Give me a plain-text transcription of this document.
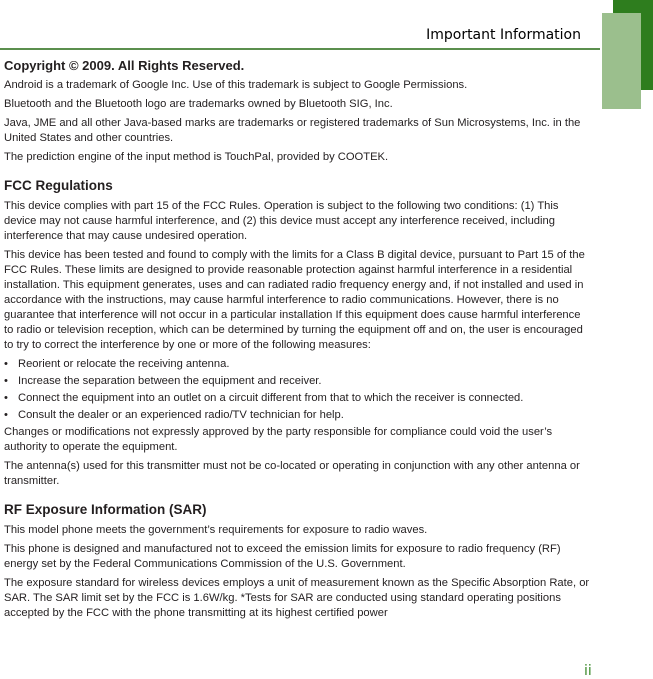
Important Information

Copyright © 2009. All Rights Reserved.

Android is a trademark of Google Inc. Use of this trademark is subject to Google Permissions.

Bluetooth and the Bluetooth logo are trademarks owned by Bluetooth SIG, Inc.

Java, JME and all other Java-based marks are trademarks or registered trademarks of Sun Microsystems, Inc. in the United States and other countries.

The prediction engine of the input method is TouchPal, provided by COOTEK.

FCC Regulations

This device complies with part 15 of the FCC Rules. Operation is subject to the following two conditions: (1) This device may not cause harmful interference, and (2) this device must accept any interference received, including interference that may cause undesired operation.

This device has been tested and found to comply with the limits for a Class B digital device, pursuant to Part 15 of the FCC Rules. These limits are designed to provide reasonable protection against harmful interference in a residential installation. This equipment generates, uses and can radiated radio frequency energy and, if not installed and used in accordance with the instructions, may cause harmful interference to radio communications. However, there is no guarantee that interference will not occur in a particular installation If this equipment does cause harmful interference to radio or television reception, which can be determined by turning the equipment off and on, the user is encouraged to try to correct the interference by one or more of the following measures:

• Reorient or relocate the receiving antenna.
• Increase the separation between the equipment and receiver.
• Connect the equipment into an outlet on a circuit different from that to which the receiver is connected.
• Consult the dealer or an experienced radio/TV technician for help.

Changes or modifications not expressly approved by the party responsible for compliance could void the user’s authority to operate the equipment.

The antenna(s) used for this transmitter must not be co-located or operating in conjunction with any other antenna or transmitter.

RF Exposure Information (SAR)

This model phone meets the government’s requirements for exposure to radio waves.

This phone is designed and manufactured not to exceed the emission limits for exposure to radio frequency (RF) energy set by the Federal Communications Commission of the U.S. Government.

The exposure standard for wireless devices employs a unit of measurement known as the Specific Absorption Rate, or SAR. The SAR limit set by the FCC is 1.6W/kg. *Tests for SAR are conducted using standard operating positions accepted by the FCC with the phone transmitting at its highest certified power

ii
